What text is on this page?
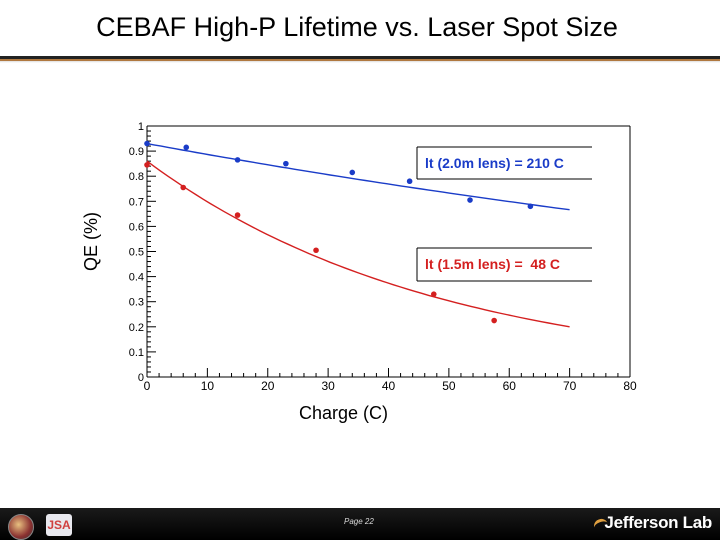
CEBAF High-P Lifetime vs. Laser Spot Size
0	10	20	30	40	50	60	70	80
0
0.1
0.2
0.3
0.4
0.5
0.6
0.7
0.8
0.9
1
Charge (C)
QE (%)
lt (2.0m lens) = 210 C
lt (1.5m lens) =  48 C
JSA	Page 22	Jefferson Lab
